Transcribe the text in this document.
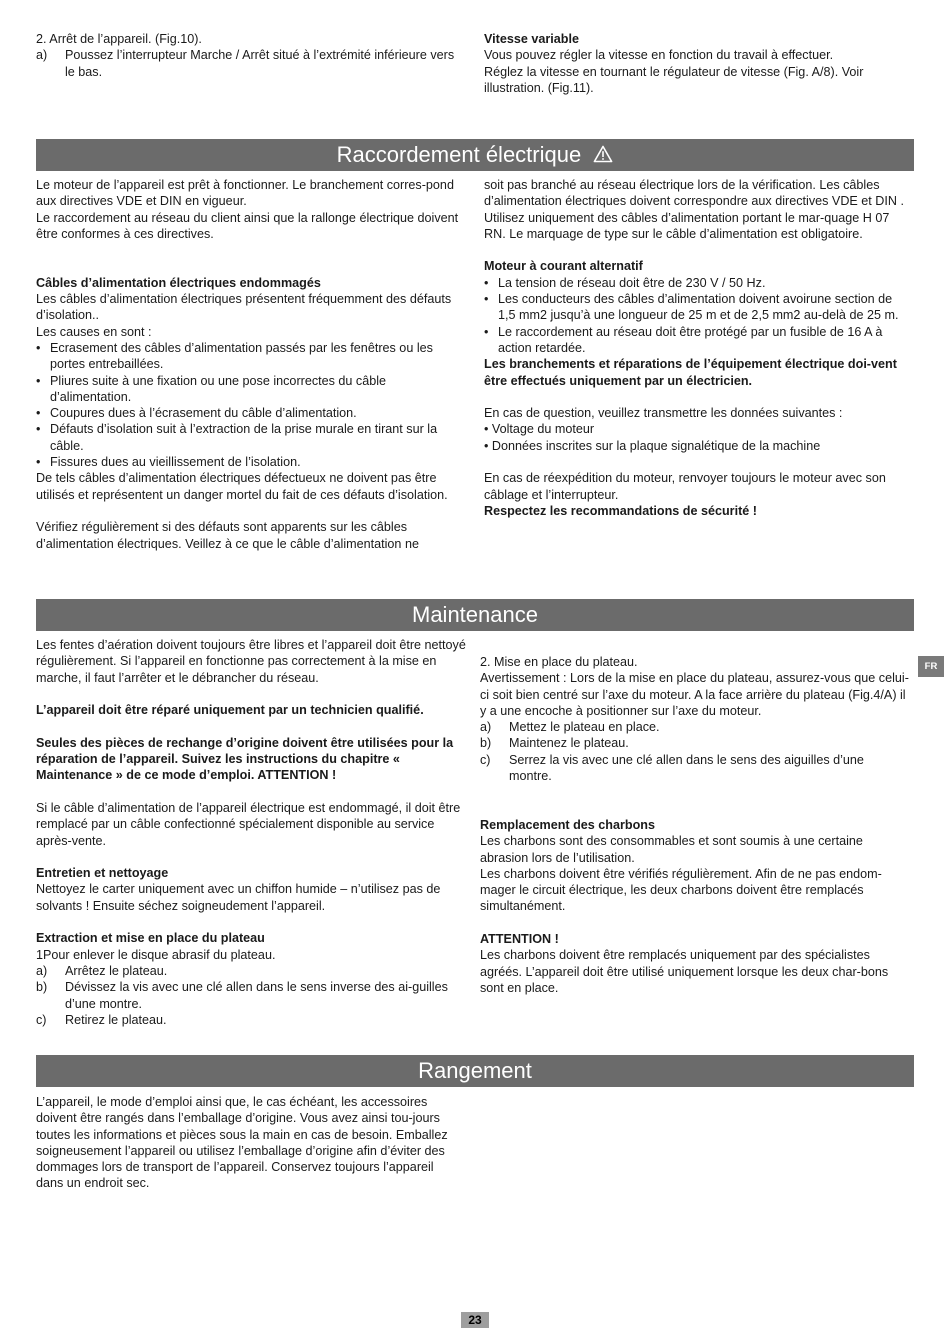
2. Arrêt de l’appareil. (Fig.10).

a) Poussez l’interrupteur Marche / Arrêt situé à l’extrémité inférieure vers le bas.

Vitesse variable

Vous pouvez régler la vitesse en fonction du travail à effectuer.

Réglez la vitesse en tournant le régulateur de vitesse (Fig. A/8). Voir illustration. (Fig.11).

Raccordement électrique

Le moteur de l’appareil est prêt à fonctionner. Le branchement corres-pond aux directives VDE et DIN en vigueur.

Le raccordement au réseau du client ainsi que la rallonge électrique doivent être conformes à ces directives.

Câbles d’alimentation électriques endommagés

Les câbles d’alimentation électriques présentent fréquemment des défauts d’isolation..

Les causes en sont :

• Ecrasement des câbles d’alimentation passés par les fenêtres ou les portes entrebaillées.
• Pliures suite à une fixation ou une pose incorrectes du câble d’alimentation.
• Coupures dues à l’écrasement du câble d’alimentation.
• Défauts d’isolation suit à l’extraction de la prise murale en tirant sur la câble.
• Fissures dues au vieillissement de l’isolation.

De tels câbles d’alimentation électriques défectueux ne doivent pas être utilisés et représentent un danger mortel du fait de ces défauts d’isolation.

Vérifiez régulièrement si des défauts sont apparents sur les câbles d’alimentation électriques. Veillez à ce que le câble d’alimentation ne

soit pas branché au réseau électrique lors de la vérification. Les câbles d’alimentation électriques doivent correspondre aux directives VDE et DIN . Utilisez uniquement des câbles d’alimentation portant le mar-quage H 07 RN. Le marquage de type sur le câble d’alimentation est obligatoire.

Moteur à courant alternatif

• La tension de réseau doit être de 230 V / 50 Hz.
• Les conducteurs des câbles d’alimentation doivent avoirune section de 1,5 mm2 jusqu’à une longueur de 25 m et de 2,5 mm2 au-delà de 25 m.
• Le raccordement au réseau doit être protégé par un fusible de 16 A à action retardée.

Les branchements et réparations de l’équipement électrique doi-vent être effectués uniquement par un électricien.

En cas de question, veuillez transmettre les données suivantes :

• Voltage du moteur

• Données inscrites sur la plaque signalétique de la machine

En cas de réexpédition du moteur, renvoyer toujours le moteur avec son câblage et l’interrupteur.

Respectez les recommandations de sécurité !

Maintenance

Les fentes d’aération doivent toujours être libres et l’appareil doit être nettoyé régulièrement. Si l’appareil en fonctionne pas correctement à la mise en marche, il faut l’arrêter et le débrancher du réseau.

L’appareil doit être réparé uniquement par un technicien qualifié.

Seules des pièces de rechange d’origine doivent être utilisées pour la réparation de l’appareil. Suivez les instructions du chapitre « Maintenance » de ce mode d’emploi. ATTENTION !

Si le câble d’alimentation de l’appareil électrique est endommagé, il doit être remplacé par un câble confectionné spécialement disponible au service après-vente.

Entretien et nettoyage

Nettoyez le carter uniquement avec un chiffon humide – n’utilisez pas de solvants ! Ensuite séchez soigneudement l’appareil.

Extraction et mise en place du plateau

1Pour enlever le disque abrasif du plateau.

a) Arrêtez le plateau.
b) Dévissez la vis avec une clé allen dans le sens inverse des ai-guilles d’une montre.
c) Retirez le plateau.

2. Mise en place du plateau.

Avertissement : Lors de la mise en place du plateau, assurez-vous que celui-ci soit bien centré sur l’axe du moteur. A la face arrière du plateau (Fig.4/A) il y a une encoche à positionner sur l’axe du moteur.

a) Mettez le plateau en place.
b) Maintenez le plateau.
c) Serrez la vis avec une clé allen dans le sens des aiguilles d’une montre.

Remplacement des charbons

Les charbons sont des consommables et sont soumis à une certaine abrasion lors de l’utilisation.

Les charbons doivent être vérifiés régulièrement. Afin de ne pas endom-mager le circuit électrique, les deux charbons doivent être remplacés simultanément.

ATTENTION !

Les charbons doivent être remplacés uniquement par des spécialistes agréés. L’appareil doit être utilisé uniquement lorsque les deux char-bons sont en place.

Rangement

L’appareil, le mode d’emploi ainsi que, le cas échéant, les accessoires doivent être rangés dans l’emballage d’origine. Vous avez ainsi tou-jours toutes les informations et pièces sous la main en cas de besoin. Emballez soigneusement l’appareil ou utilisez l’emballage d’origine afin d’éviter des dommages lors de transport de l’appareil. Conservez toujours l’appareil dans un endroit sec.

FR
23
